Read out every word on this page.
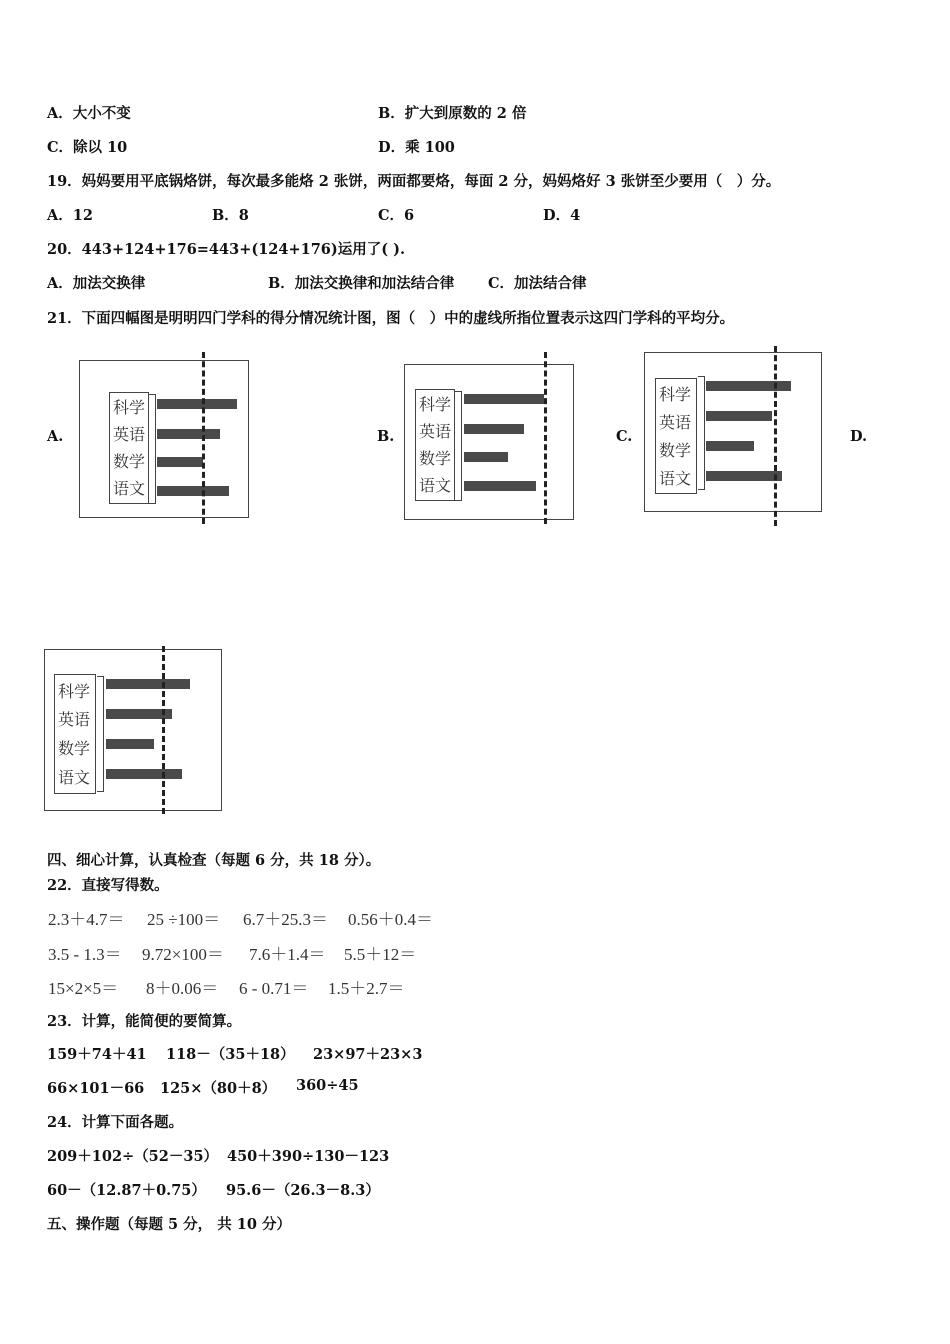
A．大小不变	B．扩大到原数的 2 倍
C．除以 10	D．乘 100
19．妈妈要用平底锅烙饼，每次最多能烙 2 张饼，两面都要烙，每面 2 分，妈妈烙好 3 张饼至少要用（　）分。
A．12	B．8	C．6	D．4
20．443+124+176=443+(124+176)运用了( ).
A．加法交换律	B．加法交换律和加法结合律 C．加法结合律
21．下面四幅图是明明四门学科的得分情况统计图，图（　）中的虚线所指位置表示这四门学科的平均分。
A.	B.	C.	D.
科学
英语
数学
语文
科学
英语
数学
语文
科学
英语
数学
语文
科学
英语
数学
语文
四、细心计算，认真检查（每题 6 分，共 18 分）。
22．直接写得数。
2.3＋4.7＝ 25 ÷100＝ 6.7＋25.3＝ 0.56＋0.4＝
3.5 - 1.3＝ 9.72×100＝ 7.6＋1.4＝ 5.5＋12＝
15×2×5＝ 8＋0.06＝ 6 - 0.71＝ 1.5＋2.7＝
23．计算，能简便的要简算。
159＋74＋41 118－（35＋18） 23×97＋23×3
66×101－66 125×（80＋8） 360÷45
24．计算下面各题。
209＋102÷（52－35） 450＋390÷130－123
60－（12.87＋0.75） 95.6－（26.3－8.3）
五、操作题（每题 5 分， 共 10 分）
